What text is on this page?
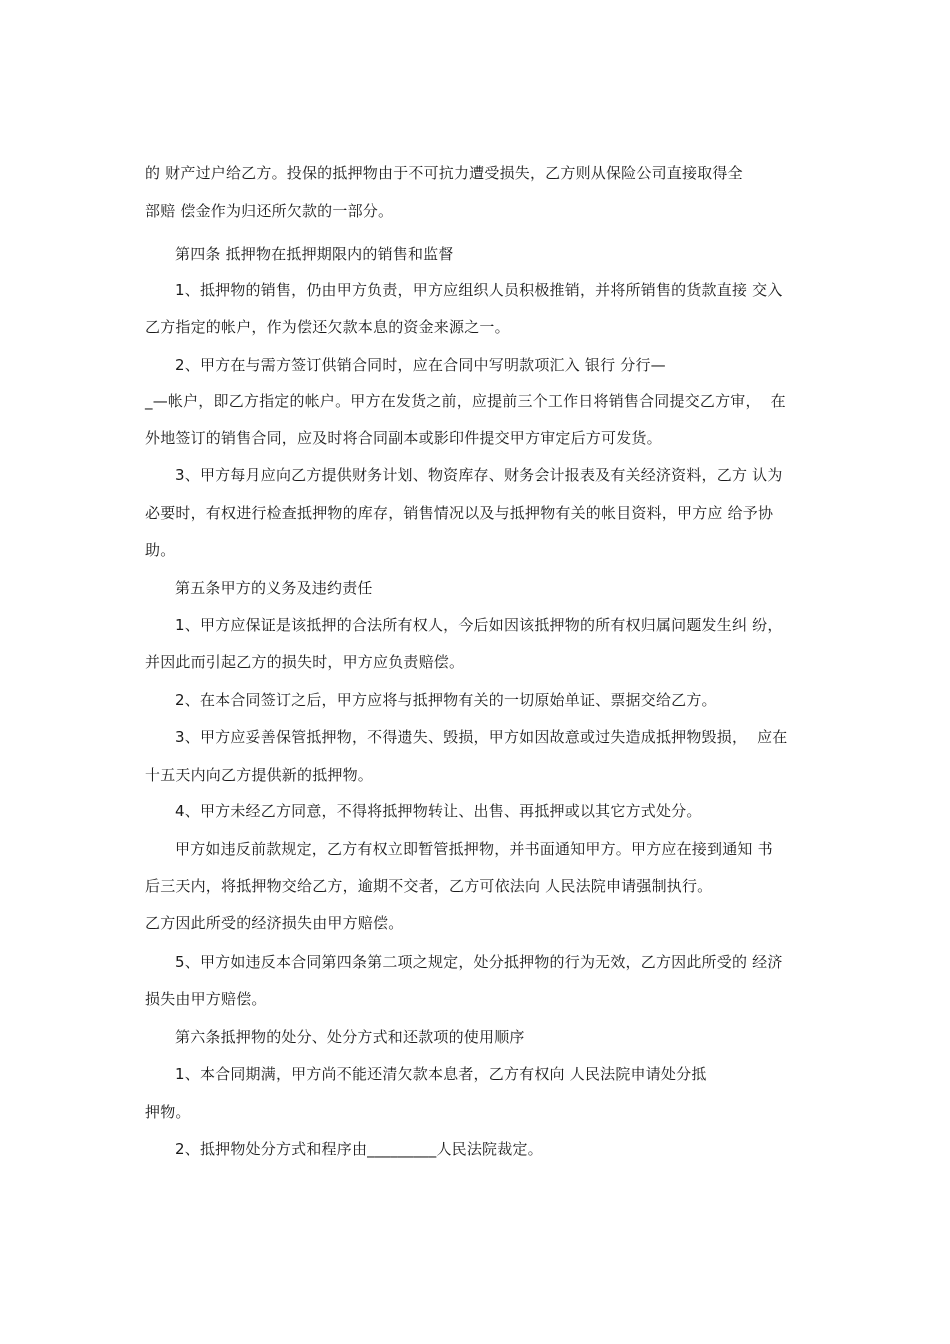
的 财产过户给乙方。投保的抵押物由于不可抗力遭受损失，乙方则从保险公司直接取得全
部赔 偿金作为归还所欠款的一部分。
第四条 抵押物在抵押期限内的销售和监督
1、抵押物的销售，仍由甲方负责，甲方应组织人员积极推销，并将所销售的货款直接 交入
乙方指定的帐户，作为偿还欠款本息的资金来源之一。
2、甲方在与需方签订供销合同时，应在合同中写明款项汇入 银行 分行—
_—帐户，即乙方指定的帐户。甲方在发货之前，应提前三个工作日将销售合同提交乙方审，  在
外地签订的销售合同，应及时将合同副本或影印件提交甲方审定后方可发货。
3、甲方每月应向乙方提供财务计划、物资库存、财务会计报表及有关经济资料，乙方 认为
必要时，有权进行检查抵押物的库存，销售情况以及与抵押物有关的帐目资料，甲方应 给予协
助。
第五条甲方的义务及违约责任
1、甲方应保证是该抵押的合法所有权人，今后如因该抵押物的所有权归属问题发生纠 纷，
并因此而引起乙方的损失时，甲方应负责赔偿。
2、在本合同签订之后，甲方应将与抵押物有关的一切原始单证、票据交给乙方。
3、甲方应妥善保管抵押物，不得遗失、毁损，甲方如因故意或过失造成抵押物毁损，  应在
十五天内向乙方提供新的抵押物。
4、甲方未经乙方同意，不得将抵押物转让、出售、再抵押或以其它方式处分。
甲方如违反前款规定，乙方有权立即暂管抵押物，并书面通知甲方。甲方应在接到通知 书
后三天内，将抵押物交给乙方，逾期不交者，乙方可依法向 人民法院申请强制执行。
乙方因此所受的经济损失由甲方赔偿。
5、甲方如违反本合同第四条第二项之规定，处分抵押物的行为无效，乙方因此所受的 经济
损失由甲方赔偿。
第六条抵押物的处分、处分方式和还款项的使用顺序
1、本合同期满，甲方尚不能还清欠款本息者，乙方有权向 人民法院申请处分抵
押物。
2、抵押物处分方式和程序由_________人民法院裁定。
